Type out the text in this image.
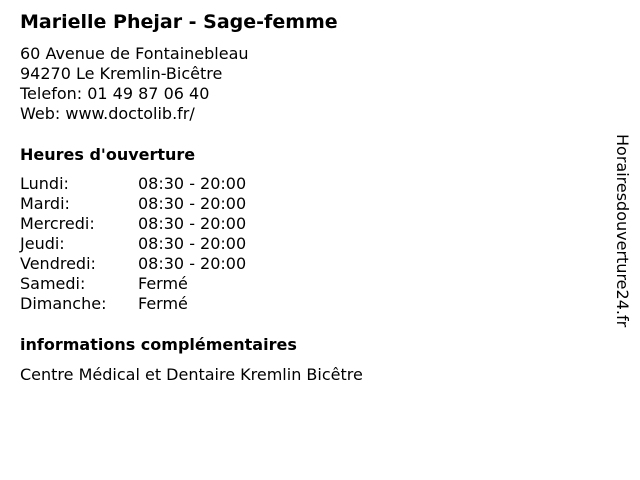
Marielle Phejar - Sage-femme
60 Avenue de Fontainebleau
94270 Le Kremlin-Bicêtre
Telefon: 01 49 87 06 40
Web: www.doctolib.fr/
Heures d'ouverture
Lundi:	08:30 - 20:00
Mardi:	08:30 - 20:00
Mercredi:	08:30 - 20:00
Jeudi:	08:30 - 20:00
Vendredi:	08:30 - 20:00
Samedi:	Fermé
Dimanche: Fermé
informations complémentaires
Centre Médical et Dentaire Kremlin Bicêtre
Horairesdouverture24.fr
